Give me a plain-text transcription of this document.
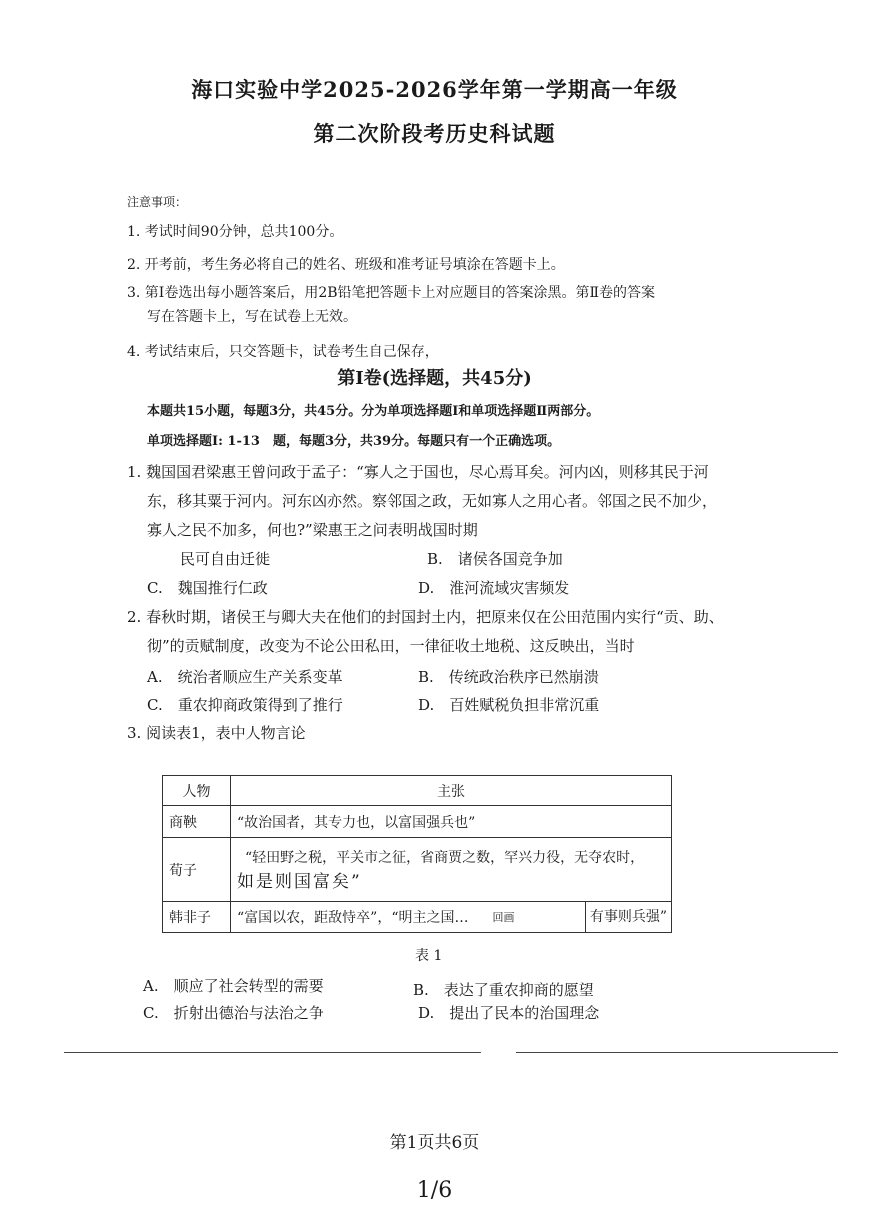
海口实验中学2025-2026学年第一学期高一年级
第二次阶段考历史科试题
注意事项：
1. 考试时间90分钟，总共100分。
2. 开考前，考生务必将自己的姓名、班级和准考证号填涂在答题卡上。
3. 第Ⅰ卷选出每小题答案后，用2B铅笔把答题卡上对应题目的答案涂黑。第Ⅱ卷的答案
写在答题卡上，写在试卷上无效。
4. 考试结束后，只交答题卡，试卷考生自己保存，
第Ⅰ卷(选择题，共45分)
本题共15小题，每题3分，共45分。分为单项选择题Ⅰ和单项选择题Ⅱ两部分。
单项选择题Ⅰ: 1-13　题，每题3分，共39分。每题只有一个正确选项。
1. 魏国国君梁惠王曾问政于孟子：“寡人之于国也，尽心焉耳矣。河内凶，则移其民于河
东，移其粟于河内。河东凶亦然。察邻国之政，无如寡人之用心者。邻国之民不加少，
寡人之民不加多，何也?”梁惠王之问表明战国时期
民可自由迁徙	B.　诸侯各国竞争加
C.　魏国推行仁政	D.　淮河流域灾害频发
2. 春秋时期，诸侯王与卿大夫在他们的封国封土内，把原来仅在公田范围内实行“贡、助、
彻”的贡赋制度，改变为不论公田私田，一律征收土地税、这反映出，当时
A.　统治者顺应生产关系变革	B.　传统政治秩序已然崩溃
C.　重农抑商政策得到了推行	D.　百姓赋税负担非常沉重
3. 阅读表1，表中人物言论
人物	主张
商鞅	“故治国者，其专力也，以富国强兵也”
荀子	“轻田野之税，平关市之征，省商贾之数，罕兴力役，无夺农时，
如是则国富矣”

韩非子	“富国以农，距敌恃卒”，“明主之国… 回画 有事则兵强”
表 1
A.　顺应了社会转型的需要	B.　表达了重农抑商的愿望
C.　折射出德治与法治之争	D.　提出了民本的治国理念
第1页共6页
1/6
